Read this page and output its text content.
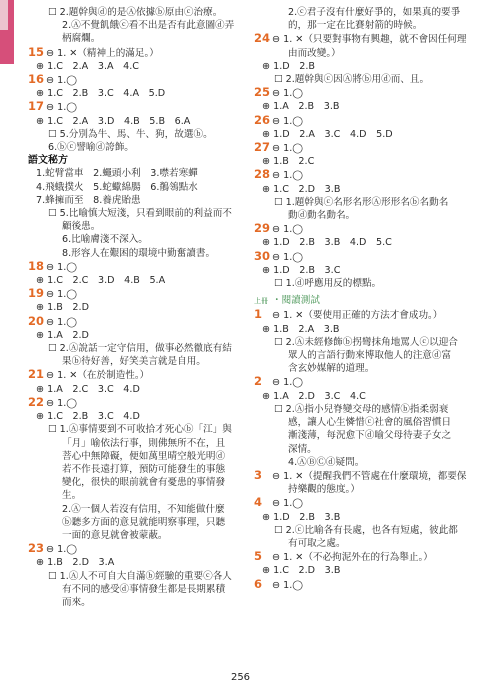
☐ 2.題幹與ⓓ的是Ⓐ依據ⓑ原由ⓒ治療。
2.Ⓐ不覺飢餓ⓒ看不出是否有此意圖ⓓ弄
柄腐爛。
15 ⊖ 1. ✕（精神上的滿足。）
⊕ 1.C　2.A　3.A　4.C
16 ⊖ 1.◯
⊕ 1.C　2.B　3.C　4.A　5.D
17 ⊖ 1.◯
⊕ 1.C　2.A　3.D　4.B　5.B　6.A
☐ 5.分別為牛、馬、牛、狗，故選ⓑ。
6.ⓑⓒ譬喻ⓓ誇飾。
語文秘方
1.蛇臂當車　2.蠅頭小利　3.噤若寒蟬
4.飛蛾撲火　5.蛇蠍綿腸　6.鶺鴒點水
7.蜂擁而至　8.養虎貽患
☐ 5.比喻慎大短淺，只看到眼前的利益而不
顧後患。
6.比喻膚淺不深入。
8.形容人在艱困的環境中勤奮讀書。
18 ⊖ 1.◯
⊕ 1.C　2.C　3.D　4.B　5.A
19 ⊖ 1.◯
⊕ 1.B　2.D
20 ⊖ 1.◯
⊕ 1.A　2.D
☐ 2.Ⓐ說話一定守信用，做事必然徹底有結
果ⓑ待好善，好笑美言就是自用。
21 ⊖ 1. ✕（在於制造性。）
⊕ 1.A　2.C　3.C　4.D
22 ⊖ 1.◯
⊕ 1.C　2.B　3.C　4.D
☐ 1.Ⓐ事情要到不可收拾才死心ⓑ「江」與
「月」喻依法行事，則佛無所不在，且
菩心中無障礙，便如萬里晴空般光明ⓓ
若不作長遠打算，預防可能發生的事態
變化，很快的眼前就會有憂患的事情發
生。
2.Ⓐ一個人若沒有信用，不知能做什麼
ⓑ聽多方面的意見就能明察事理，只聽
一面的意見就會被蒙蔽。
23 ⊖ 1.◯
⊕ 1.B　2.D　3.A
☐ 1.Ⓐ人不可自大自滿ⓑ經驗的重要ⓒ各人
有不同的感受ⓓ事情發生都是長期累積
而來。
2.ⓒ君子沒有什麼好爭的，如果真的要爭
的，那一定在比賽射箭的時候。
24 ⊖ 1. ✕（只要對事物有興趣，就不會因任何理
由而改變。）
⊕ 1.D　2.B
☐ 2.題幹與ⓒ因Ⓐ將ⓑ用ⓓ而、且。
25 ⊖ 1.◯
⊕ 1.A　2.B　3.B
26 ⊖ 1.◯
⊕ 1.D　2.A　3.C　4.D　5.D
27 ⊖ 1.◯
⊕ 1.B　2.C
28 ⊖ 1.◯
⊕ 1.C　2.D　3.B
☐ 1.題幹與ⓒ名形名形Ⓐ形形名ⓑ名動名
動ⓓ動名動名。
29 ⊖ 1.◯
⊕ 1.D　2.B　3.B　4.D　5.C
30 ⊖ 1.◯
⊕ 1.D　2.B　3.C
☐ 1.ⓓ呼應用反的標點。
上冊 ・閱讀測試
1 ⊖ 1. ✕（要使用正確的方法才會成功。）
⊕ 1.B　2.A　3.B
☐ 2.Ⓐ未經修飾ⓑ拐彎抹角地罵人ⓒ以迎合
眾人的言語行動來博取他人的注意ⓓ富
含玄妙媒解的道理。
2 ⊖ 1.◯
⊕ 1.A　2.D　3.C　4.C
☐ 2.Ⓐ指小兒脊變交母的感情ⓑ指柔弱衰
感，讓人心生憐惜ⓒ社會的風俗習慣日
漸淺薄，每況愈下ⓓ喻父母待妻子女之
深情。
4.ⒶⒷⒸⓓ疑問。
3 ⊖ 1. ✕（提醒我們不管處在什麼環境，都要保
持樂觀的態度。）
4 ⊖ 1.◯
⊕ 1.D　2.B　3.B
☐ 2.ⓒ比喻各有長處，也各有短處，彼此都
有可取之處。
5 ⊖ 1. ✕（不必拘泥外在的行為舉止。）
⊕ 1.C　2.D　3.B
6 ⊖ 1.◯
256
